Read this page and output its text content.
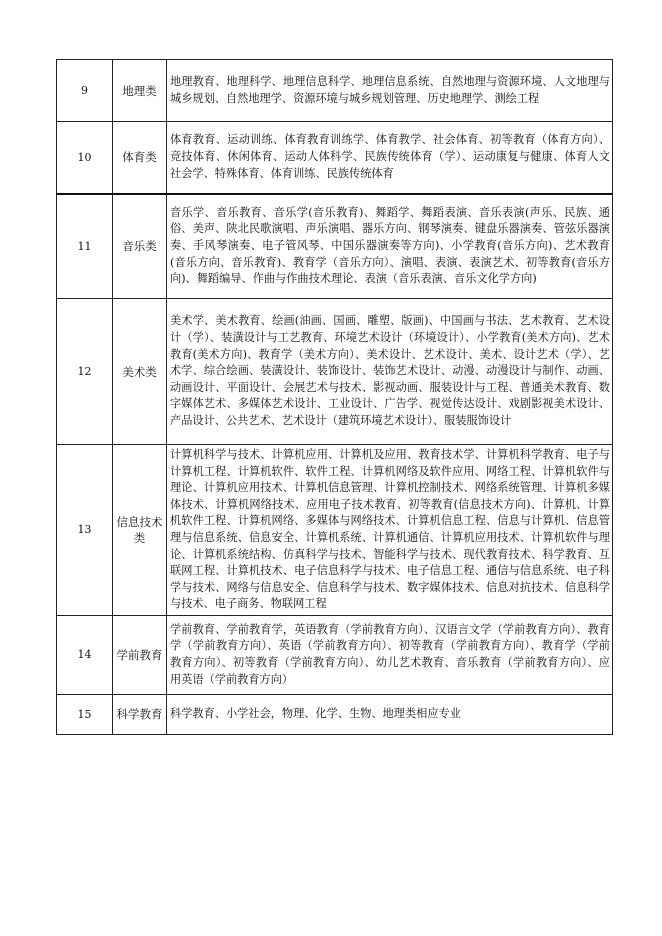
9	地理类	地理教育、地理科学、地理信息科学、地理信息系统、自然地理与资源环境、人文地理与城乡规划、自然地理学、资源环境与城乡规划管理、历史地理学、测绘工程
10	体育类	体育教育、运动训练、体育教育训练学、体育教学、社会体育、初等教育（体育方向）、竞技体育、休闲体育、运动人体科学、民族传统体育（学）、运动康复与健康、体育人文社会学、特殊体育、体育训练、民族传统体育
11	音乐类	音乐学、音乐教育、音乐学(音乐教育)、舞蹈学、舞蹈表演、音乐表演(声乐、民族、通俗、美声、陕北民歌演唱、声乐演唱、器乐方向、钢琴演奏、键盘乐器演奏、管弦乐器演奏、手风琴演奏、电子管风琴、中国乐器演奏等方向)、小学教育(音乐方向)、艺术教育(音乐方向、音乐教育)、教育学（音乐方向）、演唱、表演、表演艺术、初等教育(音乐方向)、舞蹈编导、作曲与作曲技术理论、表演（音乐表演、音乐文化学方向)
12	美术类	美术学、美术教育、绘画(油画、国画、雕塑、版画)、中国画与书法、艺术教育、艺术设计（学）、装潢设计与工艺教育、环境艺术设计（环境设计）、小学教育(美术方向)、艺术教育(美术方向)、教育学（美术方向）、美术设计、艺术设计、美术、设计艺术（学）、艺术学、综合绘画、装潢设计、装饰设计、装饰艺术设计、动漫、动漫设计与制作、动画、动画设计、平面设计、会展艺术与技术、影视动画、服装设计与工程、普通美术教育、数字媒体艺术、多媒体艺术设计、工业设计、广告学、视觉传达设计、戏剧影视美术设计、产品设计、公共艺术、艺术设计（建筑环境艺术设计）、服装服饰设计
13	信息技术类	计算机科学与技术、计算机应用、计算机及应用、教育技术学、计算机科学教育、电子与计算机工程、计算机软件、软件工程、计算机网络及软件应用、网络工程、计算机软件与理论、计算机应用技术、计算机信息管理、计算机控制技术、网络系统管理、计算机多媒体技术、计算机网络技术、应用电子技术教育、初等教育(信息技术方向)、计算机、计算机软件工程、计算机网络、多媒体与网络技术、计算机信息工程、信息与计算机、信息管理与信息系统、信息安全、计算机系统、计算机通信、计算机应用技术、计算机软件与理论、计算机系统结构、仿真科学与技术、智能科学与技术、现代教育技术、科学教育、互联网工程、计算机技术、电子信息科学与技术、电子信息工程、通信与信息系统、电子科学与技术、网络与信息安全、信息科学与技术、数字媒体技术、信息对抗技术、信息科学与技术、电子商务、物联网工程
14	学前教育	学前教育、学前教育学，英语教育（学前教育方向）、汉语言文学（学前教育方向）、教育学（学前教育方向）、英语（学前教育方向）、初等教育（学前教育方向）、教育学（学前教育方向）、初等教育（学前教育方向）、幼儿艺术教育、音乐教育（学前教育方向）、应用英语（学前教育方向）
15	科学教育	科学教育、小学社会，物理、化学、生物、地理类相应专业
